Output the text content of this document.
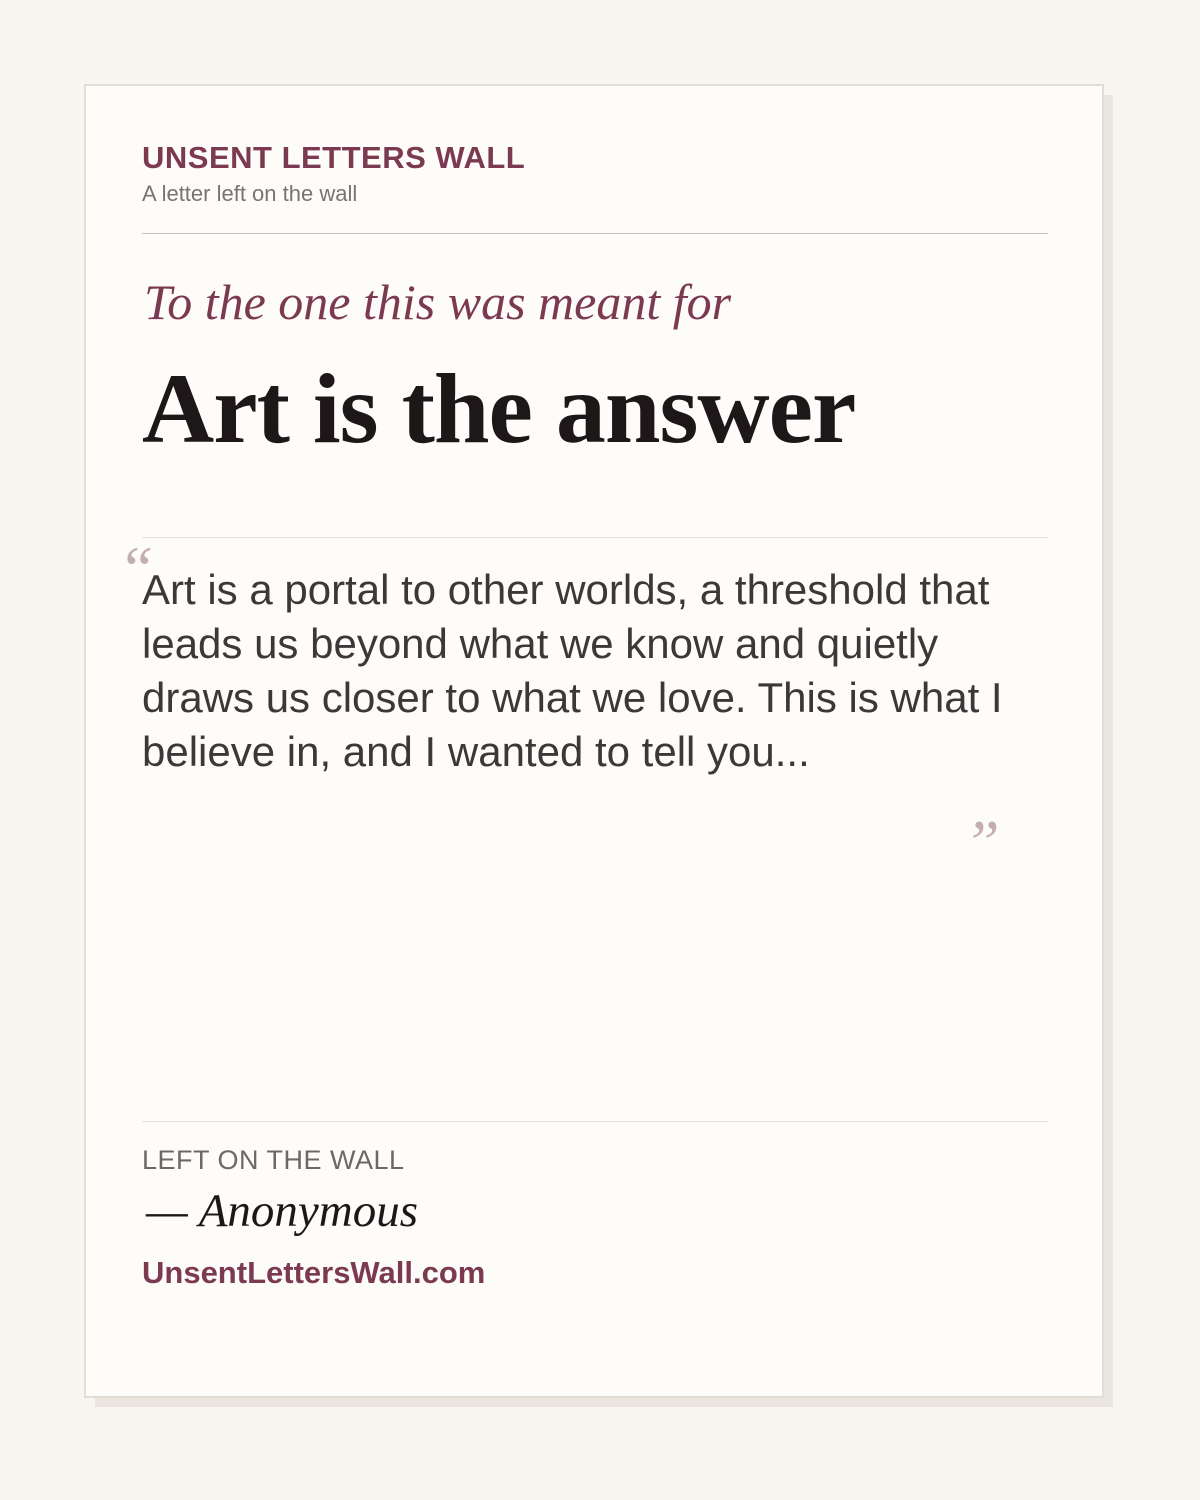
UNSENT LETTERS WALL
A letter left on the wall
To the one this was meant for
Art is the answer
“
Art is a portal to other worlds, a threshold that leads us beyond what we know and quietly draws us closer to what we love. This is what I believe in, and I wanted to tell you...
”
LEFT ON THE WALL
— Anonymous
UnsentLettersWall.com
